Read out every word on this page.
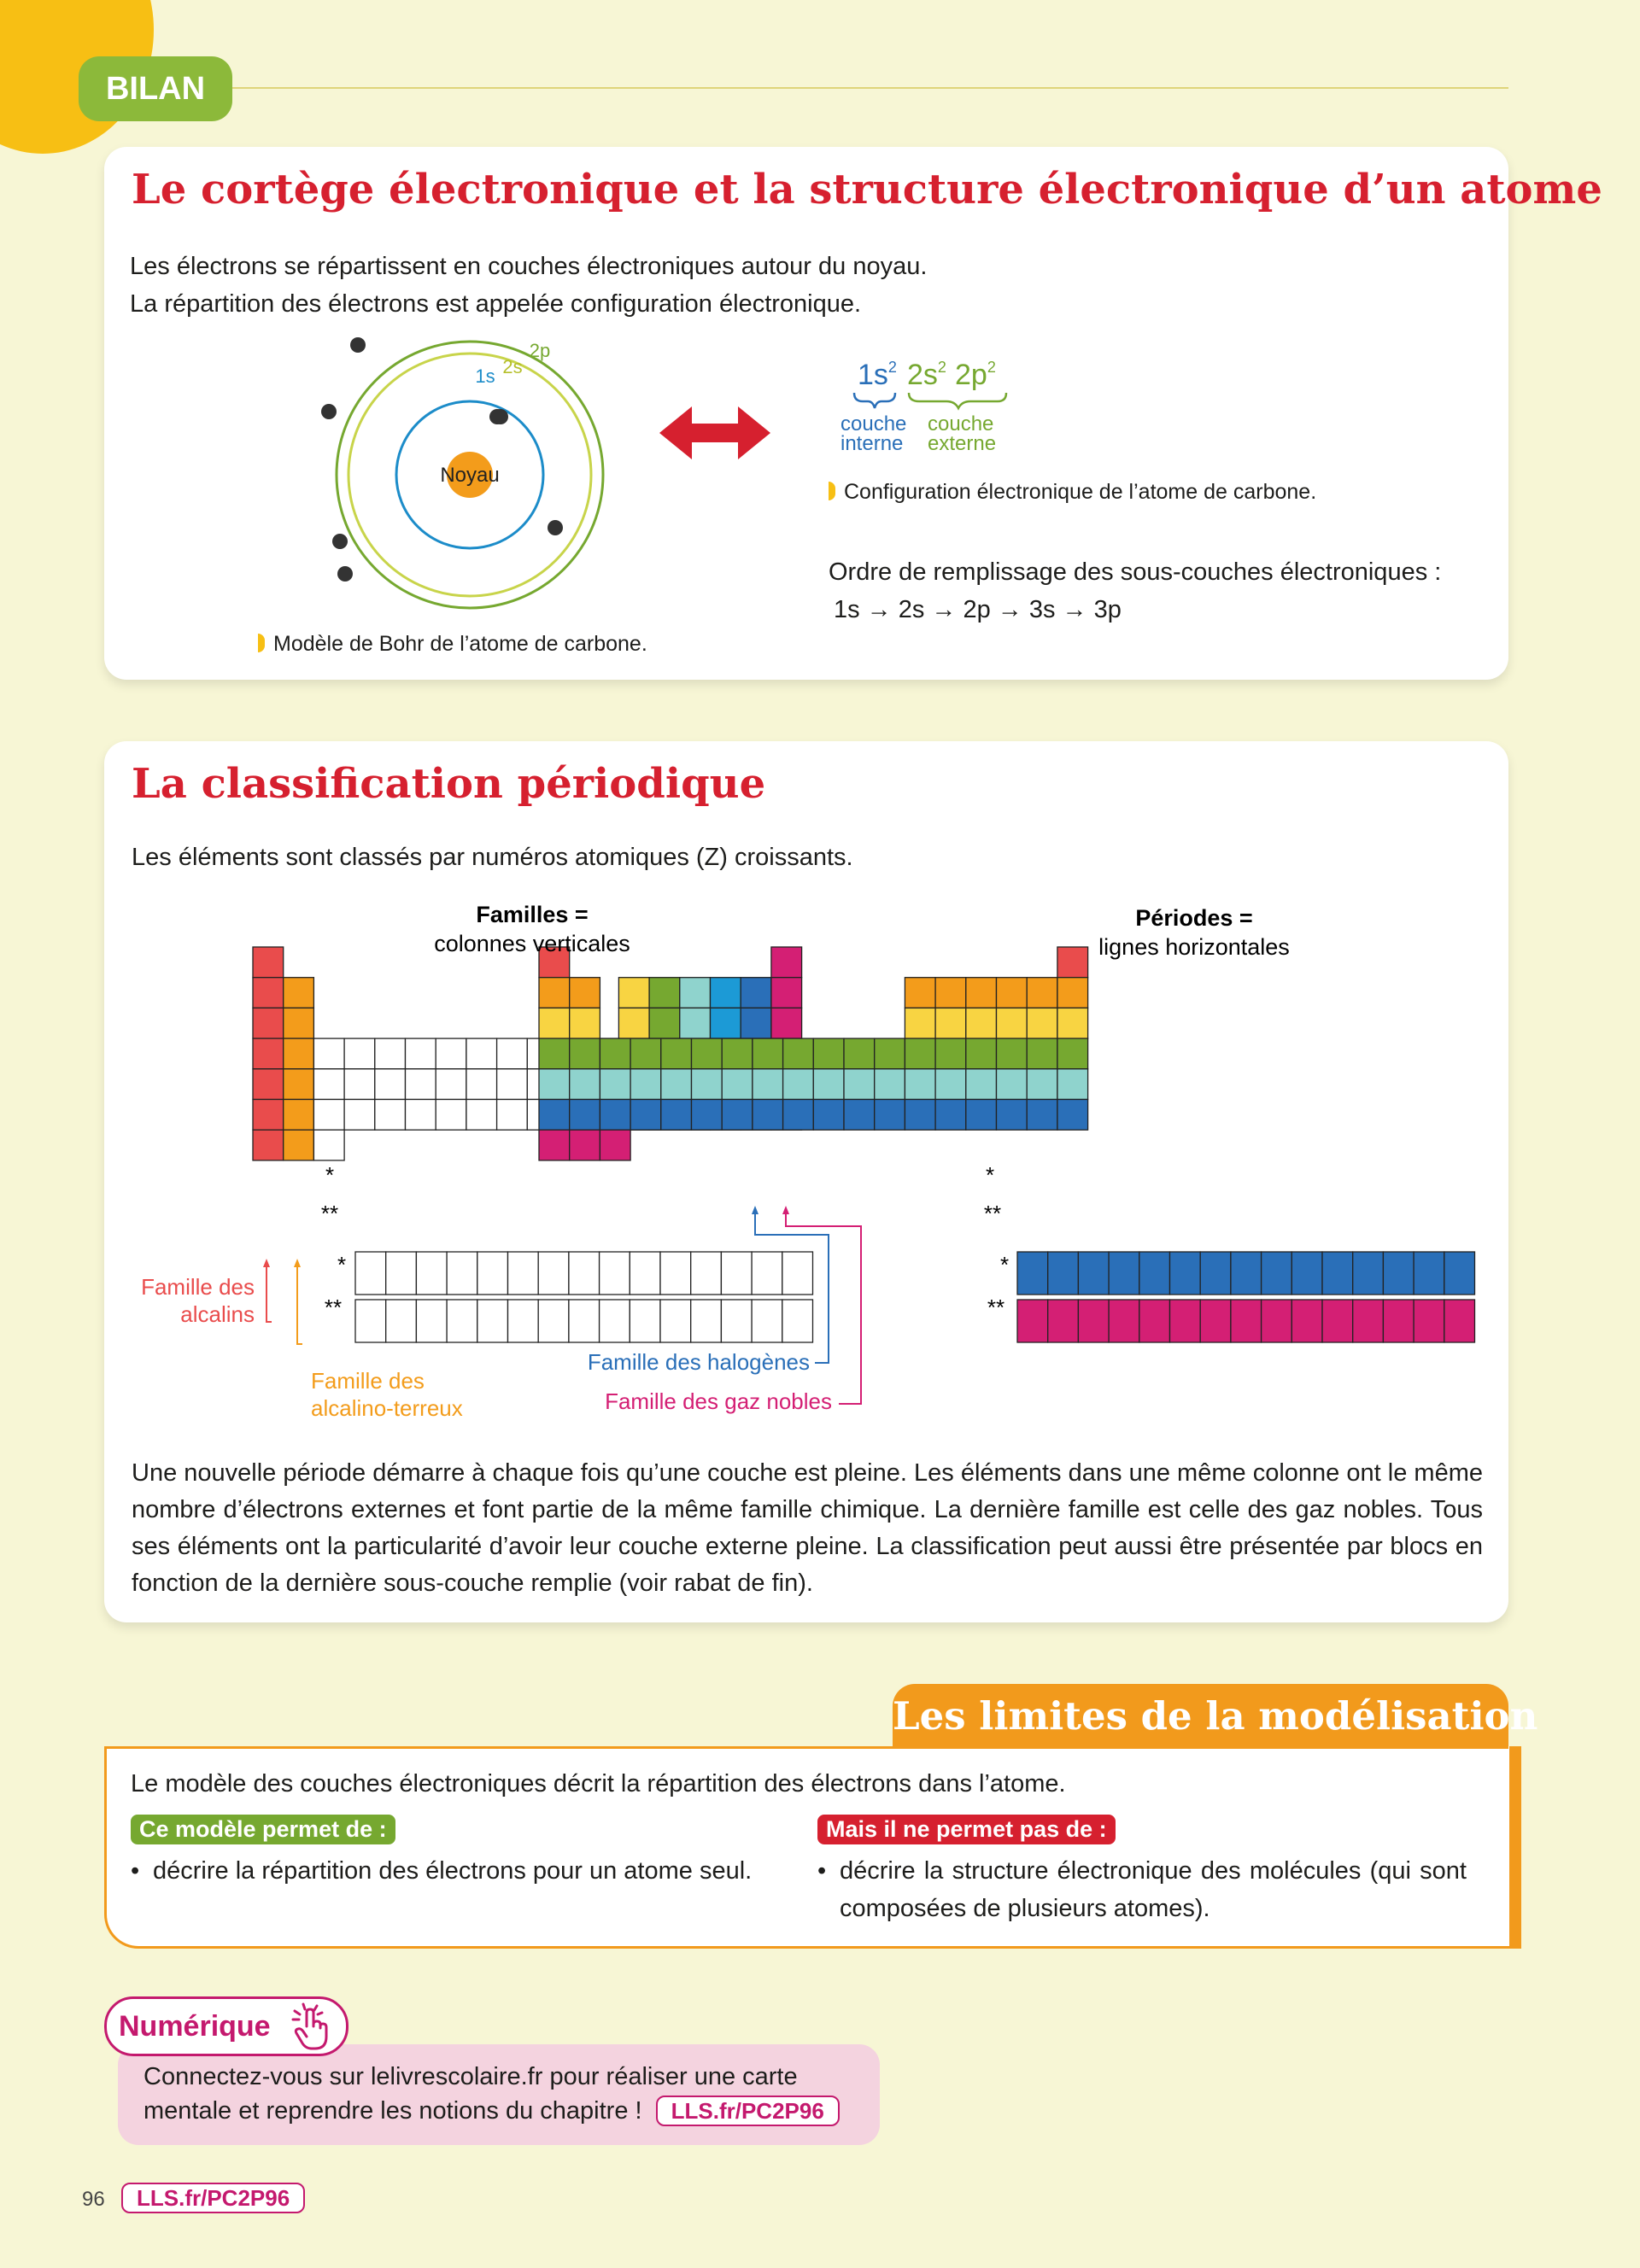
BILAN
Le cortège électronique et la structure électronique d’un atome
Les électrons se répartissent en couches électroniques autour du noyau.
La répartition des électrons est appelée configuration électronique.
Noyau
1s 2s
2p
Modèle de Bohr de l’atome de carbone.
$1s^2$ $2s^2$ $2p^2$
couche
interne
couche
externe
Configuration électronique de l’atome de carbone.
Ordre de remplissage des sous-couches électroniques :
1s → 2s → 2p → 3s → 3p
La classification périodique
Les éléments sont classés par numéros atomiques (Z) croissants.
Familles =
colonnes verticales
Périodes =
lignes horizontales
*
**
*
**
*
**
*
**
Famille des
alcalins
Famille des
alcalino-terreux
Famille des halogènes
Famille des gaz nobles
Une nouvelle période démarre à chaque fois qu’une couche est pleine. Les éléments dans une même colonne ont le même nombre d’électrons externes et font partie de la même famille chimique. La dernière famille est celle des gaz nobles. Tous ses éléments ont la particularité d’avoir leur couche externe pleine. La classification peut aussi être présentée par blocs en fonction de la dernière sous-couche remplie (voir rabat de fin).
Le modèle des couches électroniques décrit la répartition des électrons dans l’atome.
Ce modèle permet de :	Mais il ne permet pas de :
• décrire la répartition des électrons pour un atome seul.	• décrire la structure électronique des molécules (qui sont composées de plusieurs atomes).
Les limites de la modélisation
Connectez-vous sur lelivrescolaire.fr pour réaliser une carte
mentale et reprendre les notions du chapitre ! LLS.fr/PC2P96
Numérique
96	LLS.fr/PC2P96
